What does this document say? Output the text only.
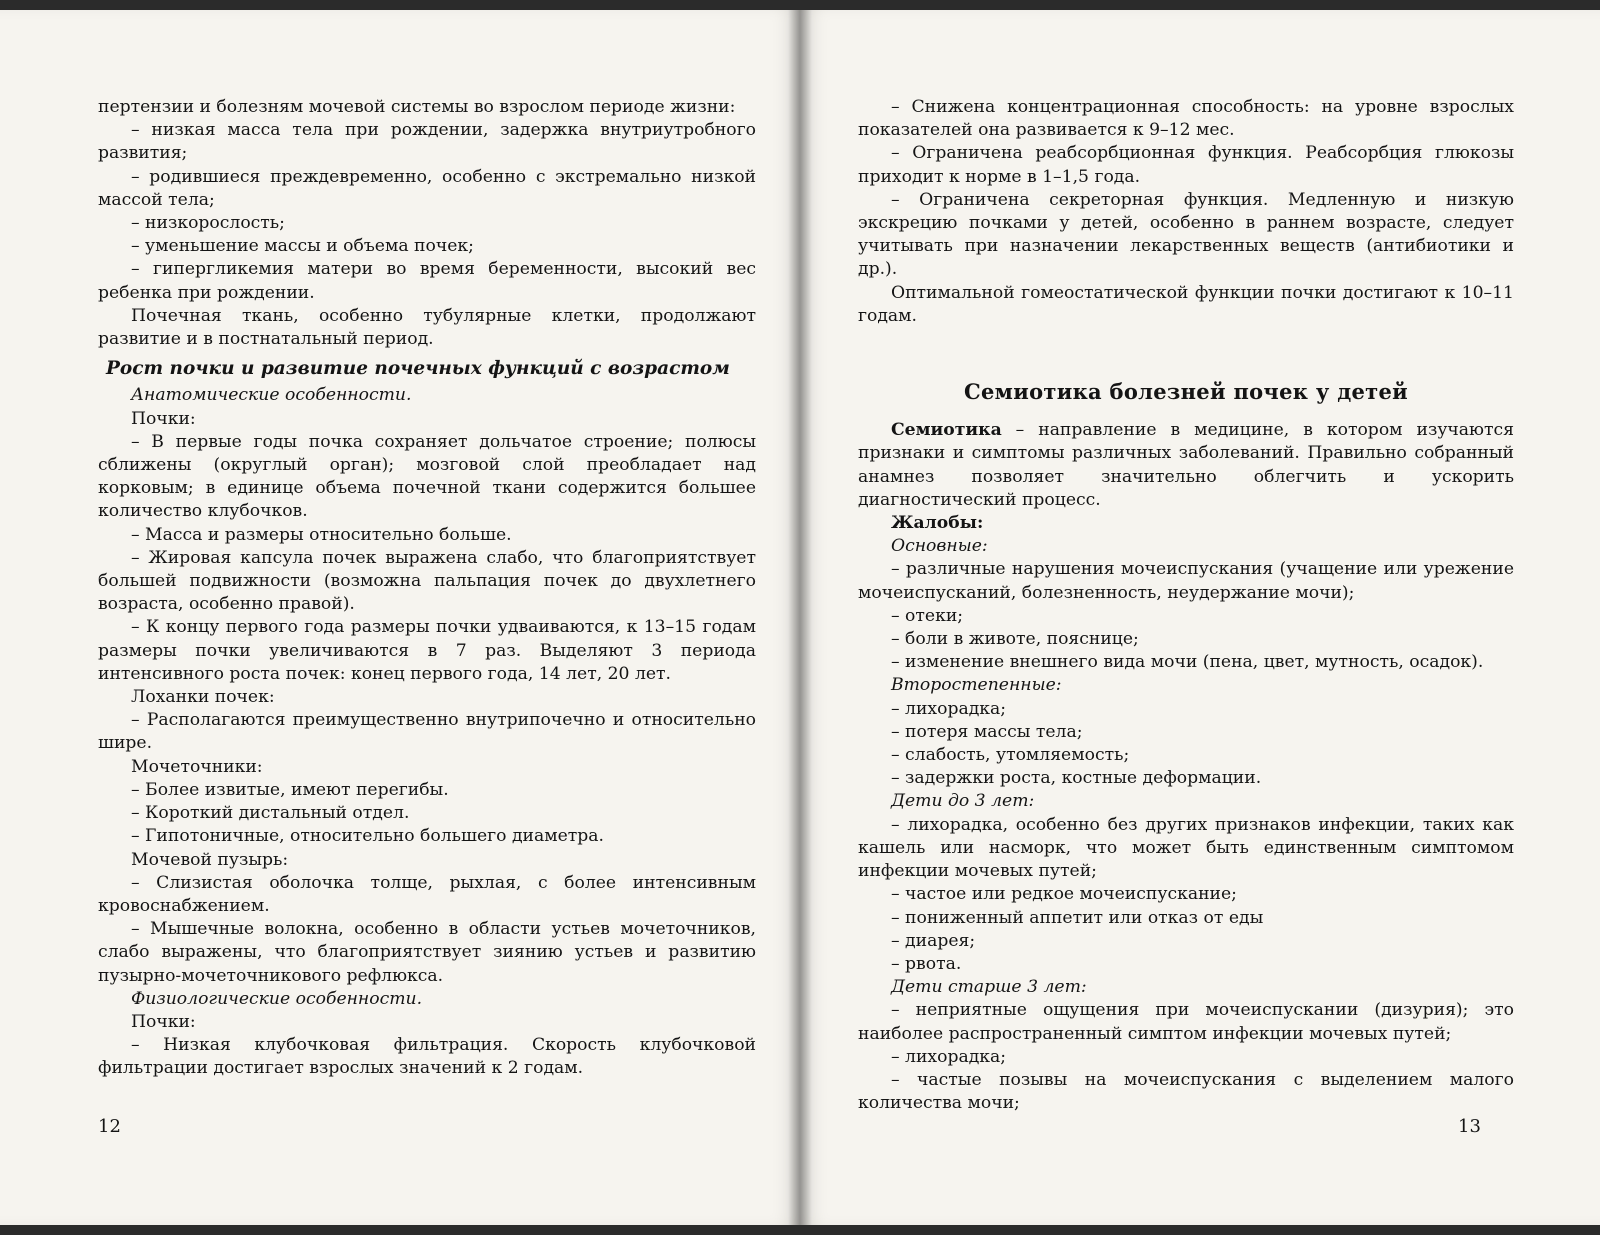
пертензии и болезням мочевой системы во взрослом периоде жизни:

– низкая масса тела при рождении, задержка внутриутробного развития;

– родившиеся преждевременно, особенно с экстремально низкой массой тела;

– низкорослость;

– уменьшение массы и объема почек;

– гипергликемия матери во время беременности, высокий вес ребенка при рождении.

Почечная ткань, особенно тубулярные клетки, продолжают развитие и в постнатальный период.

Рост почки и развитие почечных функций с возрастом

Анатомические особенности.

Почки:

– В первые годы почка сохраняет дольчатое строение; полюсы сближены (округлый орган); мозговой слой преобладает над корковым; в единице объема почечной ткани содержится большее количество клубочков.

– Масса и размеры относительно больше.

– Жировая капсула почек выражена слабо, что благоприятствует большей подвижности (возможна пальпация почек до двухлетнего возраста, особенно правой).

– К концу первого года размеры почки удваиваются, к 13–15 годам размеры почки увеличиваются в 7 раз. Выделяют 3 периода интенсивного роста почек: конец первого года, 14 лет, 20 лет.

Лоханки почек:

– Располагаются преимущественно внутрипочечно и относительно шире.

Мочеточники:

– Более извитые, имеют перегибы.

– Короткий дистальный отдел.

– Гипотоничные, относительно большего диаметра.

Мочевой пузырь:

– Слизистая оболочка толще, рыхлая, с более интенсивным кровоснабжением.

– Мышечные волокна, особенно в области устьев мочеточников, слабо выражены, что благоприятствует зиянию устьев и развитию пузырно-мочеточникового рефлюкса.

Физиологические особенности.

Почки:

– Низкая клубочковая фильтрация. Скорость клубочковой фильтрации достигает взрослых значений к 2 годам.

12

– Снижена концентрационная способность: на уровне взрослых показателей она развивается к 9–12 мес.

– Ограничена реабсорбционная функция. Реабсорбция глюкозы приходит к норме в 1–1,5 года.

– Ограничена секреторная функция. Медленную и низкую экскрецию почками у детей, особенно в раннем возрасте, следует учитывать при назначении лекарственных веществ (антибиотики и др.).

Оптимальной гомеостатической функции почки достигают к 10–11 годам.

Семиотика болезней почек у детей

Семиотика – направление в медицине, в котором изучаются признаки и симптомы различных заболеваний. Правильно собранный анамнез позволяет значительно облегчить и ускорить диагностический процесс.

Жалобы:

Основные:

– различные нарушения мочеиспускания (учащение или урежение мочеиспусканий, болезненность, неудержание мочи);

– отеки;

– боли в животе, пояснице;

– изменение внешнего вида мочи (пена, цвет, мутность, осадок).

Второстепенные:

– лихорадка;

– потеря массы тела;

– слабость, утомляемость;

– задержки роста, костные деформации.

Дети до 3 лет:

– лихорадка, особенно без других признаков инфекции, таких как кашель или насморк, что может быть единственным симптомом инфекции мочевых путей;

– частое или редкое мочеиспускание;

– пониженный аппетит или отказ от еды

– диарея;

– рвота.

Дети старше 3 лет:

– неприятные ощущения при мочеиспускании (дизурия); это наиболее распространенный симптом инфекции мочевых путей;

– лихорадка;

– частые позывы на мочеиспускания с выделением малого количества мочи;

13
